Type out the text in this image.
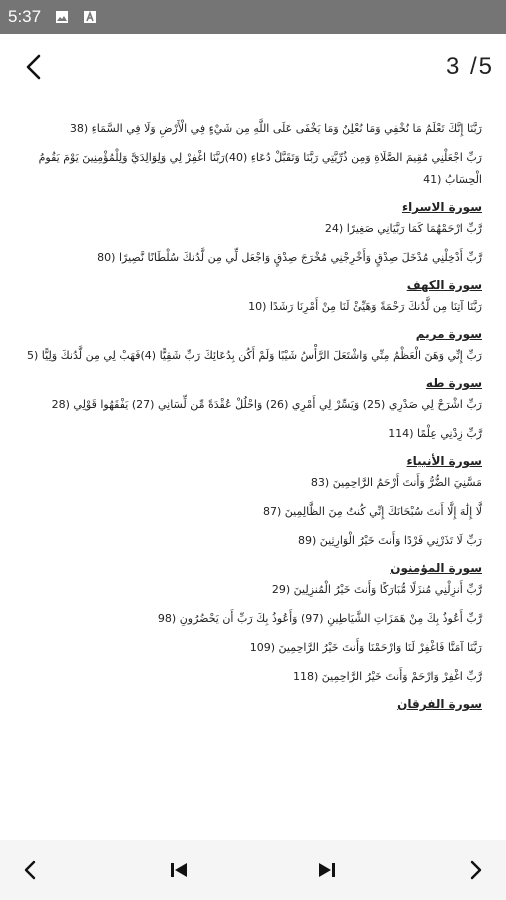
5:37
3 /5
رَبَّنَا إِنَّكَ تَعْلَمُ مَا نُخْفِي وَمَا نُعْلِنُ وَمَا يَخْفَى عَلَى اللَّهِ مِن شَيْءٍ فِي الْأَرْضِ وَلَا فِي السَّمَاءِ (38
رَبِّ اجْعَلْنِي مُقِيمَ الصَّلَاةِ وَمِن ذُرِّيَّتِي رَبَّنَا وَتَقَبَّلْ دُعَاءِ (40)رَبَّنَا اغْفِرْ لِي وَلِوَالِدَيَّ وَلِلْمُؤْمِنِينَ يَوْمَ يَقُومُ الْحِسَابُ (41
سورة الاسراء
رَّبِّ ارْحَمْهُمَا كَمَا رَبَّيَانِي صَغِيرًا (24
رَّبِّ أَدْخِلْنِي مُدْخَلَ صِدْقٍ وَأَخْرِجْنِي مُخْرَجَ صِدْقٍ وَاجْعَل لِّي مِن لَّدُنكَ سُلْطَانًا نَّصِيرًا (80
سورة الكهف
رَبَّنَا آتِنَا مِن لَّدُنكَ رَحْمَةً وَهَيِّئْ لَنَا مِنْ أَمْرِنَا رَشَدًا (10
سورة مريم
رَبِّ إِنِّي وَهَنَ الْعَظْمُ مِنِّي وَاشْتَعَلَ الرَّأْسُ شَيْبًا وَلَمْ أَكُن بِدُعَائِكَ رَبِّ شَقِيًّا (4)فَهَبْ لِي مِن لَّدُنكَ وَلِيًّا (5
سورة طه
رَبِّ اشْرَحْ لِي صَدْرِي (25) وَيَسِّرْ لِي أَمْرِي (26) وَاحْلُلْ عُقْدَةً مِّن لِّسَانِي (27) يَفْقَهُوا قَوْلِي (28
رَّبِّ زِدْنِي عِلْمًا (114
سورة الأنبياء
مَسَّنِيَ الضُّرُّ وَأَنتَ أَرْحَمُ الرَّاحِمِينَ (83
لَّا إِلَٰهَ إِلَّا أَنتَ سُبْحَانَكَ إِنِّي كُنتُ مِنَ الظَّالِمِينَ (87
رَبِّ لَا تَذَرْنِي فَرْدًا وَأَنتَ خَيْرُ الْوَارِثِينَ (89
سورة المؤمنون
رَّبِّ أَنزِلْنِي مُنزَلًا مُّبَارَكًا وَأَنتَ خَيْرُ الْمُنزِلِينَ (29
رَّبِّ أَعُوذُ بِكَ مِنْ هَمَزَاتِ الشَّيَاطِينِ (97) وَأَعُوذُ بِكَ رَبِّ أَن يَحْضُرُونِ (98
رَبَّنَا آمَنَّا فَاغْفِرْ لَنَا وَارْحَمْنَا وَأَنتَ خَيْرُ الرَّاحِمِينَ (109
رَّبِّ اغْفِرْ وَارْحَمْ وَأَنتَ خَيْرُ الرَّاحِمِينَ (118
سورة الفرقان
